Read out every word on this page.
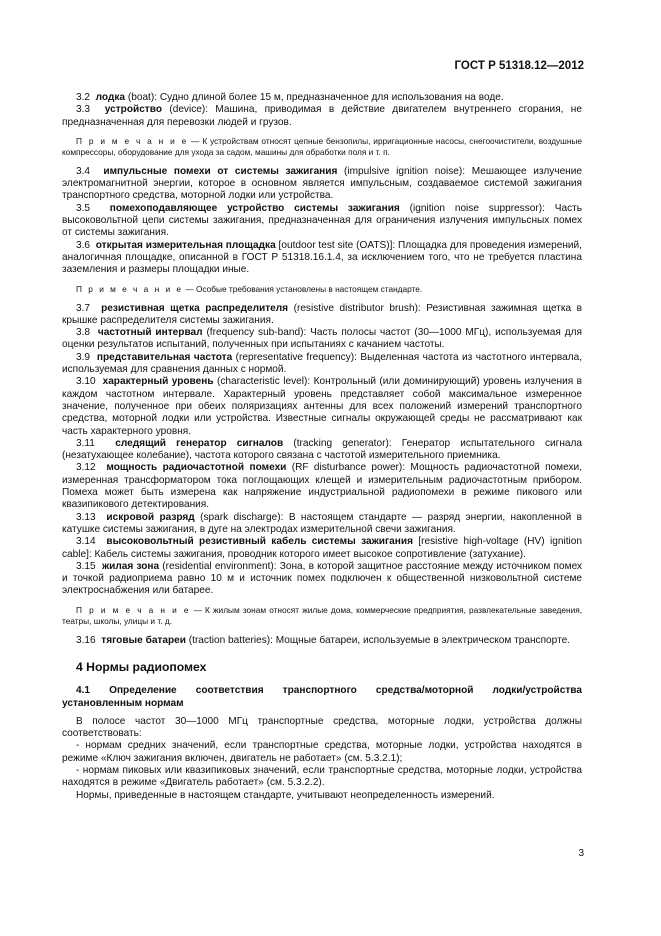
ГОСТ Р 51318.12—2012

3.2 лодка (boat): Судно длиной более 15 м, предназначенное для использования на воде.

3.3 устройство (device): Машина, приводимая в действие двигателем внутреннего сгорания, не предназначенная для перевозки людей и грузов.

П р и м е ч а н и е — К устройствам относят цепные бензопилы, ирригационные насосы, снегоочистители, воздушные компрессоры, оборудование для ухода за садом, машины для обработки поля и т. п.

3.4 импульсные помехи от системы зажигания (impulsive ignition noise): Мешающее излучение электромагнитной энергии, которое в основном является импульсным, создаваемое системой зажигания транспортного средства, моторной лодки или устройства.

3.5 помехоподавляющее устройство системы зажигания (ignition noise suppressor): Часть высоковольтной цепи системы зажигания, предназначенная для ограничения излучения импульсных помех от системы зажигания.

3.6 открытая измерительная площадка [outdoor test site (OATS)]: Площадка для проведения измерений, аналогичная площадке, описанной в ГОСТ Р 51318.16.1.4, за исключением того, что не требуется пластина заземления и размеры площадки иные.

П р и м е ч а н и е — Особые требования установлены в настоящем стандарте.

3.7 резистивная щетка распределителя (resistive distributor brush): Резистивная зажимная щетка в крышке распределителя системы зажигания.

3.8 частотный интервал (frequency sub-band): Часть полосы частот (30—1000 МГц), используемая для оценки результатов испытаний, полученных при испытаниях с качанием частоты.

3.9 представительная частота (representative frequency): Выделенная частота из частотного интервала, используемая для сравнения данных с нормой.

3.10 характерный уровень (characteristic level): Контрольный (или доминирующий) уровень излучения в каждом частотном интервале. Характерный уровень представляет собой максимальное измеренное значение, полученное при обеих поляризациях антенны для всех положений измерений транспортного средства, моторной лодки или устройства. Известные сигналы окружающей среды не рассматривают как часть характерного уровня.

3.11 следящий генератор сигналов (tracking generator): Генератор испытательного сигнала (незатухающее колебание), частота которого связана с частотой измерительного приемника.

3.12 мощность радиочастотной помехи (RF disturbance power): Мощность радиочастотной помехи, измеренная трансформатором тока поглощающих клещей и измерительным радиочастотным прибором. Помеха может быть измерена как напряжение индустриальной радиопомехи в режиме пикового или квазипикового детектирования.

3.13 искровой разряд (spark discharge): В настоящем стандарте — разряд энергии, накопленной в катушке системы зажигания, в дуге на электродах измерительной свечи зажигания.

3.14 высоковольтный резистивный кабель системы зажигания [resistive high-voltage (HV) ignition cable]: Кабель системы зажигания, проводник которого имеет высокое сопротивление (затухание).

3.15 жилая зона (residential environment): Зона, в которой защитное расстояние между источником помех и точкой радиоприема равно 10 м и источник помех подключен к общественной низковольтной системе электроснабжения или батарее.

П р и м е ч а н и е — К жилым зонам относят жилые дома, коммерческие предприятия, развлекательные заведения, театры, школы, улицы и т. д.

3.16 тяговые батареи (traction batteries): Мощные батареи, используемые в электрическом транспорте.

4 Нормы радиопомех

4.1 Определение соответствия транспортного средства/моторной лодки/устройства установленным нормам

В полосе частот 30—1000 МГц транспортные средства, моторные лодки, устройства должны соответствовать:

- нормам средних значений, если транспортные средства, моторные лодки, устройства находятся в режиме «Ключ зажигания включен, двигатель не работает» (см. 5.3.2.1);

- нормам пиковых или квазипиковых значений, если транспортные средства, моторные лодки, устройства находятся в режиме «Двигатель работает» (см. 5.3.2.2).

Нормы, приведенные в настоящем стандарте, учитывают неопределенность измерений.

3
